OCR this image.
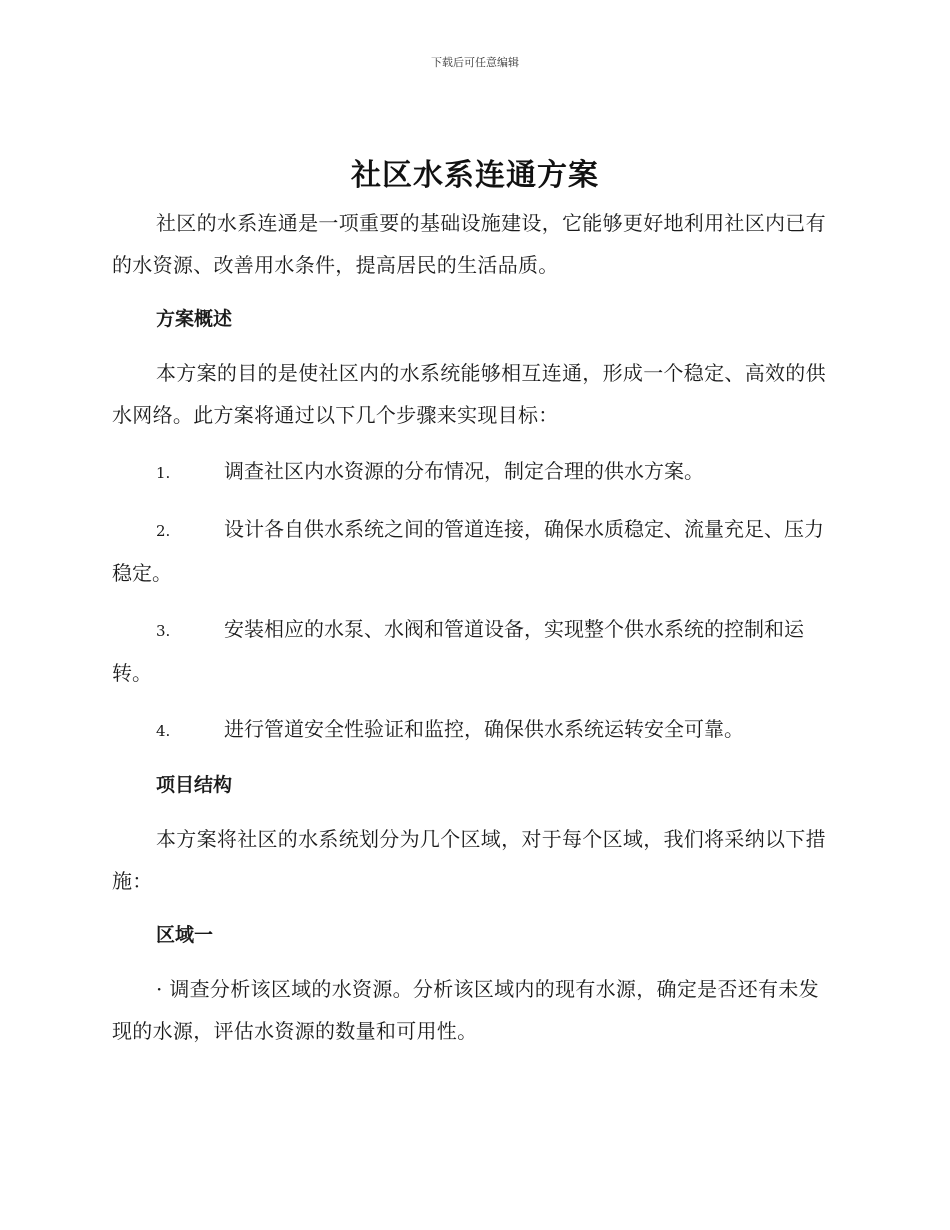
下载后可任意编辑
社区水系连通方案

社区的水系连通是一项重要的基础设施建设，它能够更好地利用社区内已有的水资源、改善用水条件，提高居民的生活品质。

方案概述

本方案的目的是使社区内的水系统能够相互连通，形成一个稳定、高效的供水网络。此方案将通过以下几个步骤来实现目标：

1.	调查社区内水资源的分布情况，制定合理的供水方案。

2.	设计各自供水系统之间的管道连接，确保水质稳定、流量充足、压力稳定。

3.	安装相应的水泵、水阀和管道设备，实现整个供水系统的控制和运转。

4.	进行管道安全性验证和监控，确保供水系统运转安全可靠。

项目结构

本方案将社区的水系统划分为几个区域，对于每个区域，我们将采纳以下措施：

区域一

· 调查分析该区域的水资源。分析该区域内的现有水源，确定是否还有未发现的水源，评估水资源的数量和可用性。
